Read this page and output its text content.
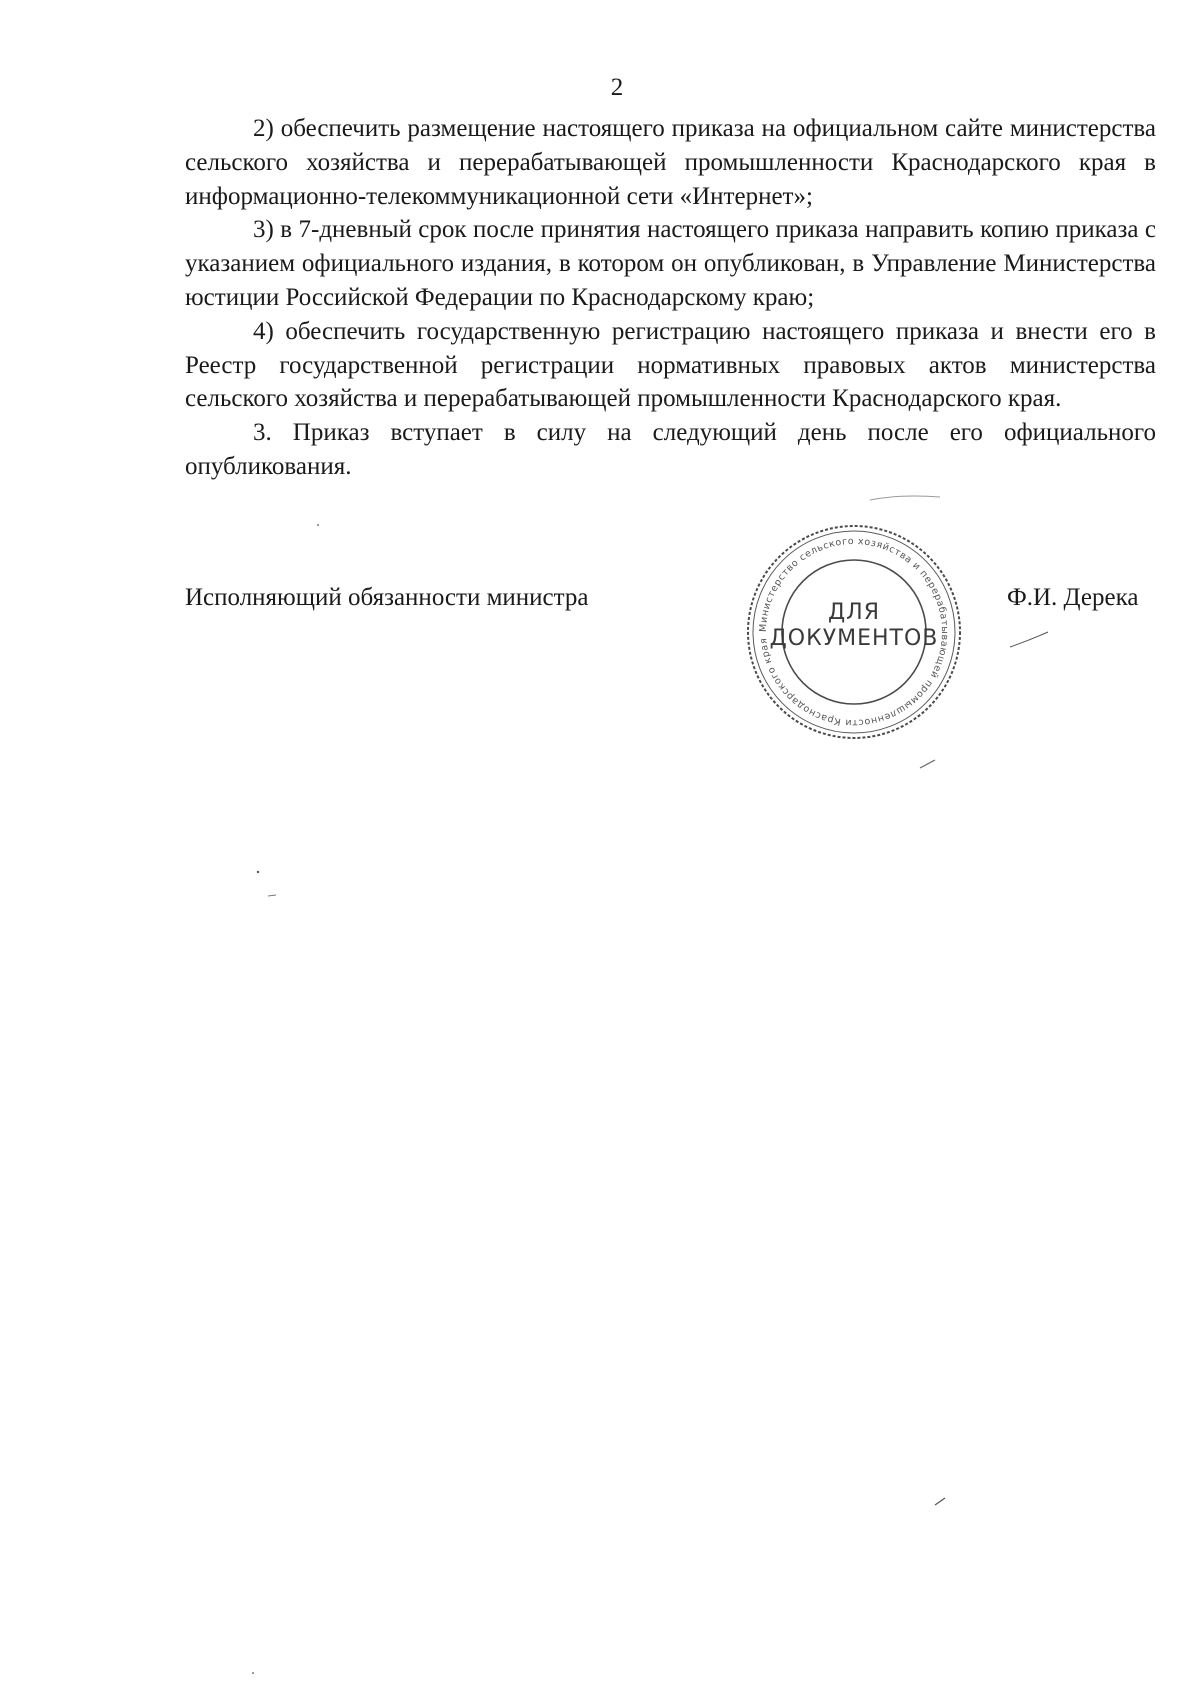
2

2) обеспечить размещение настоящего приказа на официальном сайте министерства сельского хозяйства и перерабатывающей промышленности Краснодарского края в информационно-телекоммуникационной сети «Интернет»;

3) в 7-дневный срок после принятия настоящего приказа направить копию приказа с указанием официального издания, в котором он опубликован, в Управление Министерства юстиции Российской Федерации по Краснодарскому краю;

4) обеспечить государственную регистрацию настоящего приказа и внести его в Реестр государственной регистрации нормативных правовых актов министерства сельского хозяйства и перерабатывающей промышленности Краснодарского края.

3. Приказ вступает в силу на следующий день после его официального опубликования.

Исполняющий обязанности министра
Министерство сельского хозяйства и перерабатывающей промышленности Краснодарского края
ДЛЯ
ДОКУМЕНТОВ
Ф.И. Дерека
